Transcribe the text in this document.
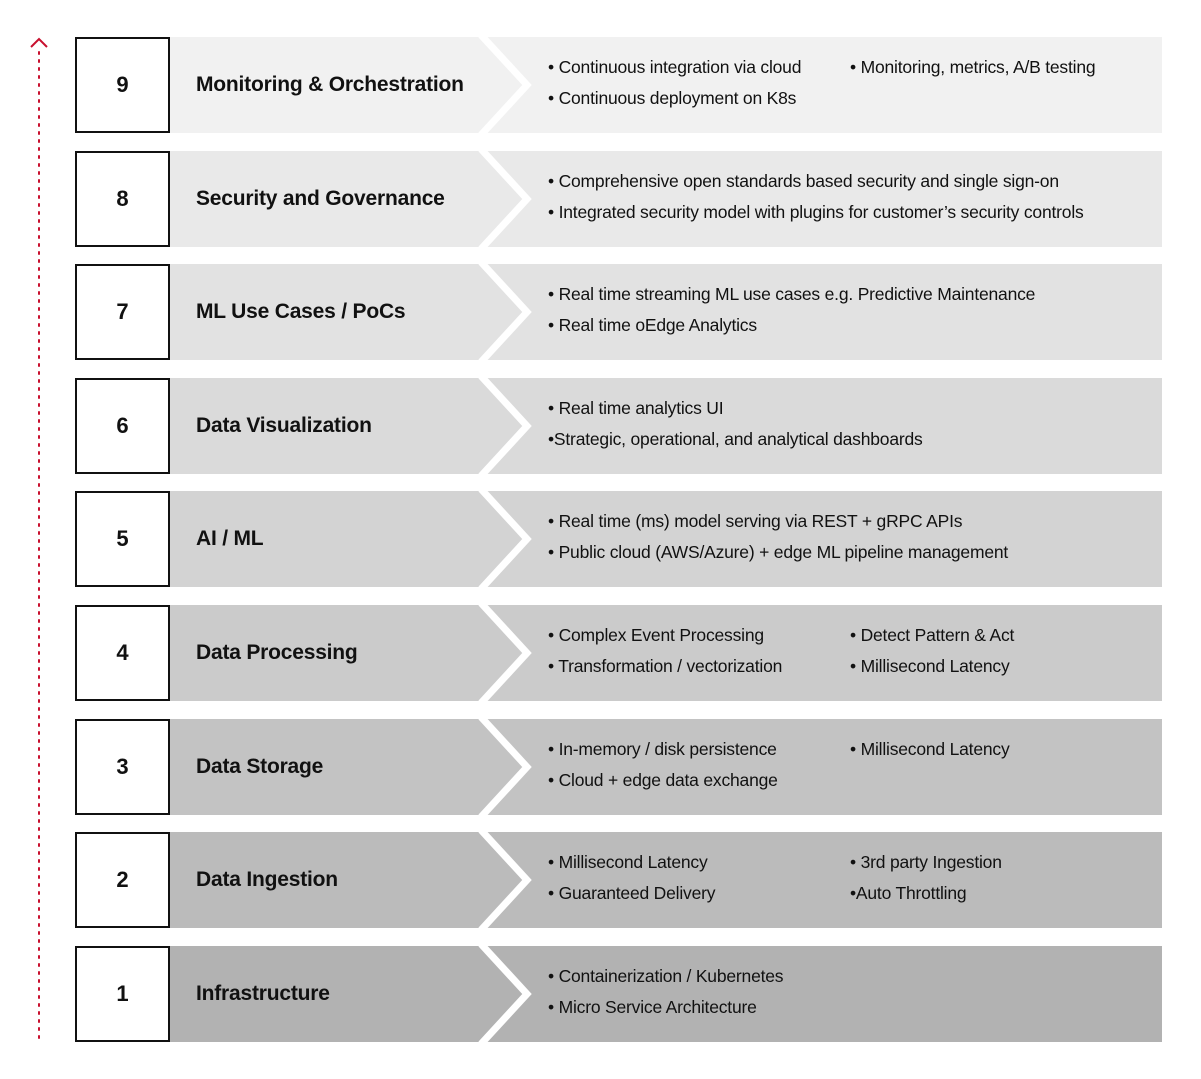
9	Monitoring & Orchestration
• Continuous integration via cloud	• Monitoring, metrics, A/B testing
• Continuous deployment on K8s
8	Security and Governance
• Comprehensive open standards based security and single sign-on
• Integrated security model with plugins for customer’s security controls
7	ML Use Cases / PoCs
• Real time streaming ML use cases e.g. Predictive Maintenance
• Real time oEdge Analytics
6	Data Visualization
• Real time analytics UI
•Strategic, operational, and analytical dashboards
5	AI / ML
• Real time (ms) model serving via REST + gRPC APIs
• Public cloud (AWS/Azure) + edge ML pipeline management
4	Data Processing
• Complex Event Processing	• Detect Pattern & Act
• Transformation / vectorization	• Millisecond Latency
3	Data Storage
• In-memory / disk persistence	• Millisecond Latency
• Cloud + edge data exchange
2	Data Ingestion
• Millisecond Latency	• 3rd party Ingestion
• Guaranteed Delivery	•Auto Throttling
1	Infrastructure
• Containerization / Kubernetes
• Micro Service Architecture
